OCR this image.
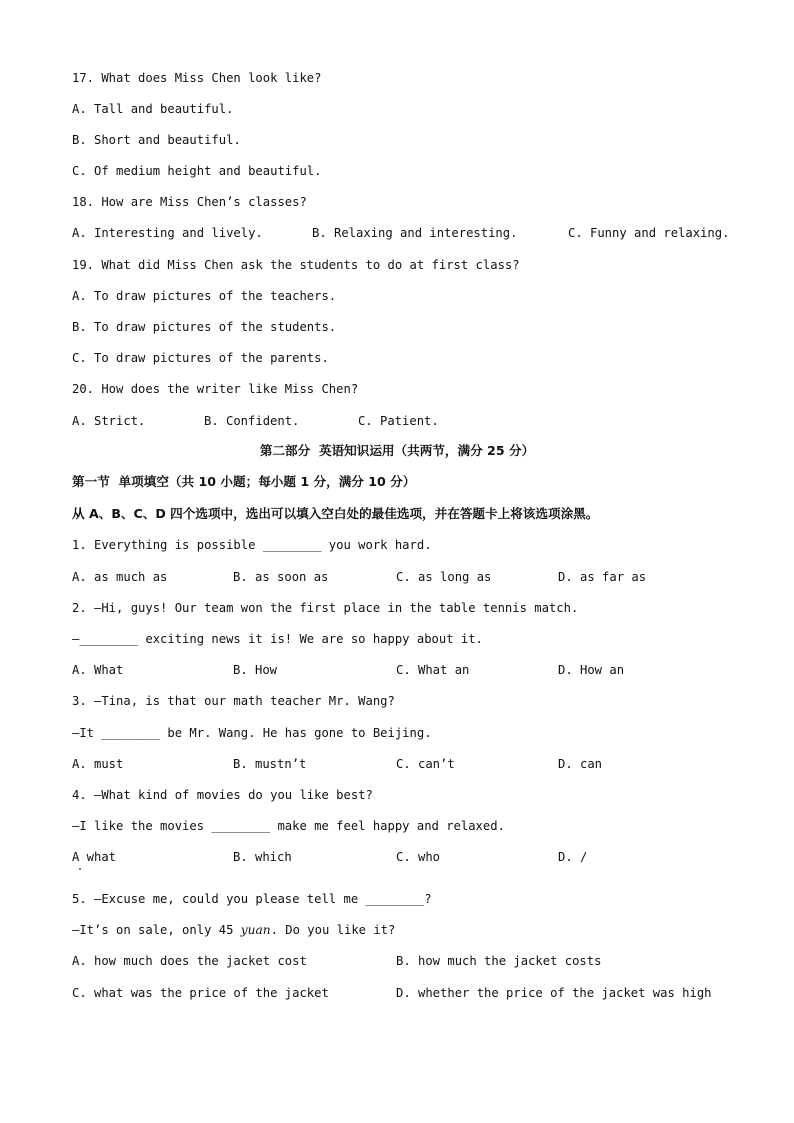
17. What does Miss Chen look like?
A. Tall and beautiful.
B. Short and beautiful.
C. Of medium height and beautiful.
18. How are Miss Chen’s classes?
A. Interesting and lively.	B. Relaxing and interesting.	C. Funny and relaxing.
19. What did Miss Chen ask the students to do at first class?
A. To draw pictures of the teachers.
B. To draw pictures of the students.
C. To draw pictures of the parents.
20. How does the writer like Miss Chen?
A. Strict.	B. Confident.	C. Patient.
第二部分  英语知识运用（共两节，满分 25 分）
第一节  单项填空（共 10 小题；每小题 1 分，满分 10 分）
从 A、B、C、D 四个选项中，选出可以填入空白处的最佳选项，并在答题卡上将该选项涂黑。
1. Everything is possible ________ you work hard.
A. as much as	B. as soon as	C. as long as	D. as far as
2. —Hi, guys! Our team won the first place in the table tennis match.
—________ exciting news it is! We are so happy about it.
A. What	B. How	C. What an	D. How an
3. —Tina, is that our math teacher Mr. Wang?
—It ________ be Mr. Wang. He has gone to Beijing.
A. must	B. mustn’t	C. can’t	D. can
4. —What kind of movies do you like best?
—I like the movies ________ make me feel happy and relaxed.
A what	B. which	C. who	D. /
5. —Excuse me, could you please tell me ________?
—It’s on sale, only 45 yuan. Do you like it?
A. how much does the jacket cost	B. how much the jacket costs
C. what was the price of the jacket	D. whether the price of the jacket was high
